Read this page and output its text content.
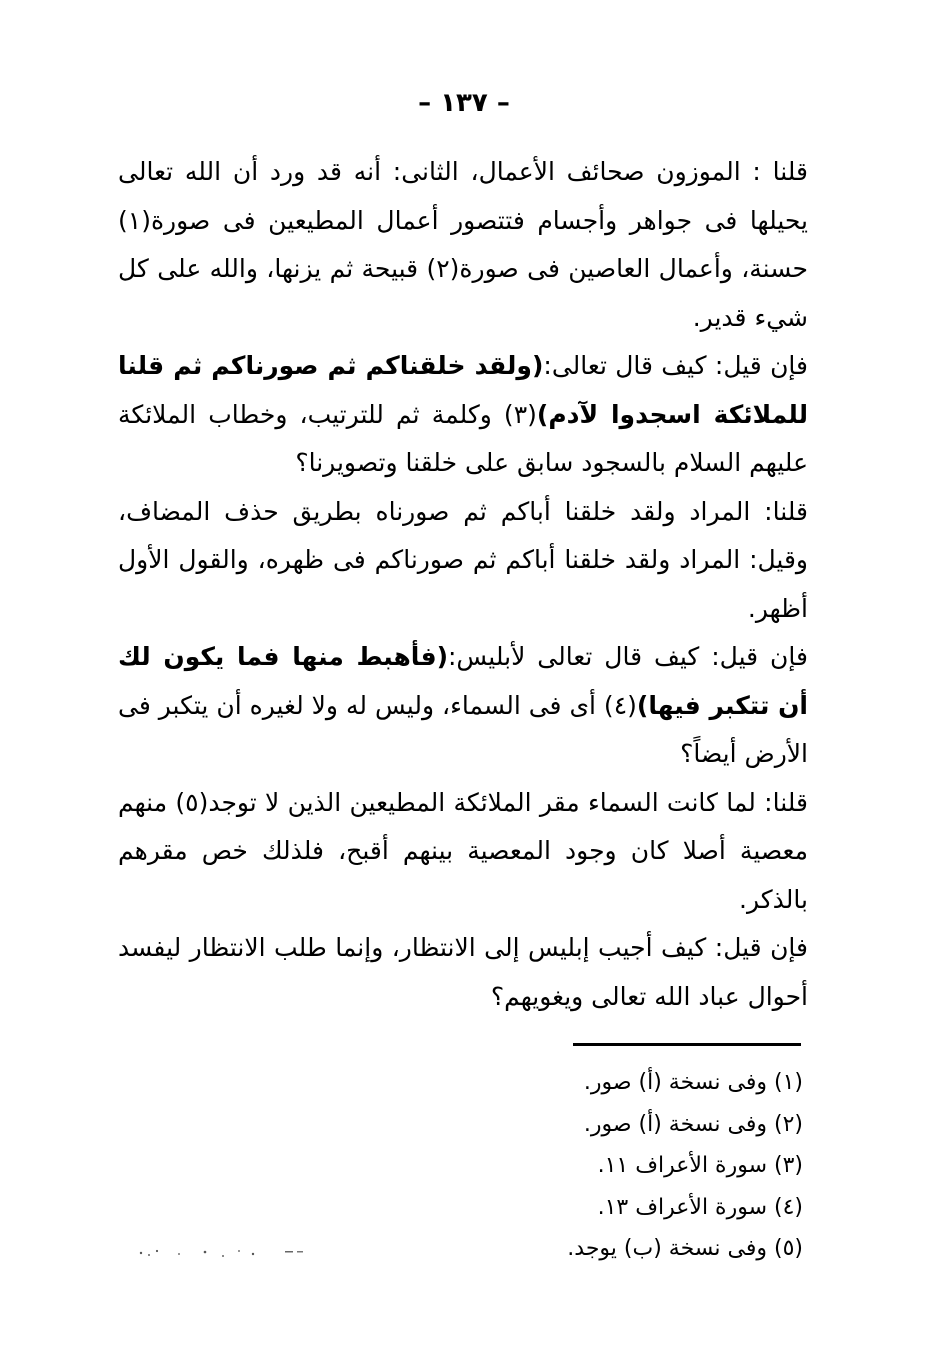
– ١٣٧ –

قلنا : الموزون صحائف الأعمال، الثانى: أنه قد ورد أن الله تعالى يحيلها فى جواهر وأجسام فتتصور أعمال المطيعين فى صورة(١) حسنة، وأعمال العاصين فى صورة(٢) قبيحة ثم يزنها، والله على كل شيء قدير.

فإن قيل: كيف قال تعالى:(ولقد خلقناكم ثم صورناكم ثم قلنا للملائكة اسجدوا لآدم)(٣) وكلمة ثم للترتيب، وخطاب الملائكة عليهم السلام بالسجود سابق على خلقنا وتصويرنا؟

قلنا: المراد ولقد خلقنا أباكم ثم صورناه بطريق حذف المضاف، وقيل: المراد ولقد خلقنا أباكم ثم صورناكم فى ظهره، والقول الأول أظهر.

فإن قيل: كيف قال تعالى لأبليس:(فأهبط منها فما يكون لك أن تتكبر فيها)(٤) أى فى السماء، وليس له ولا لغيره أن يتكبر فى الأرض أيضاً؟

قلنا: لما كانت السماء مقر الملائكة المطيعين الذين لا توجد(٥) منهم معصية أصلا كان وجود المعصية بينهم أقبح، فلذلك خص مقرهم بالذكر.

فإن قيل: كيف أجيب إبليس إلى الانتظار، وإنما طلب الانتظار ليفسد أحوال عباد الله تعالى ويغويهم؟

(١) وفى نسخة (أ) صور.
(٢) وفى نسخة (أ) صور.
(٣) سورة الأعراف ١١.
(٤) سورة الأعراف ١٣.
(٥) وفى نسخة (ب) يوجد.
